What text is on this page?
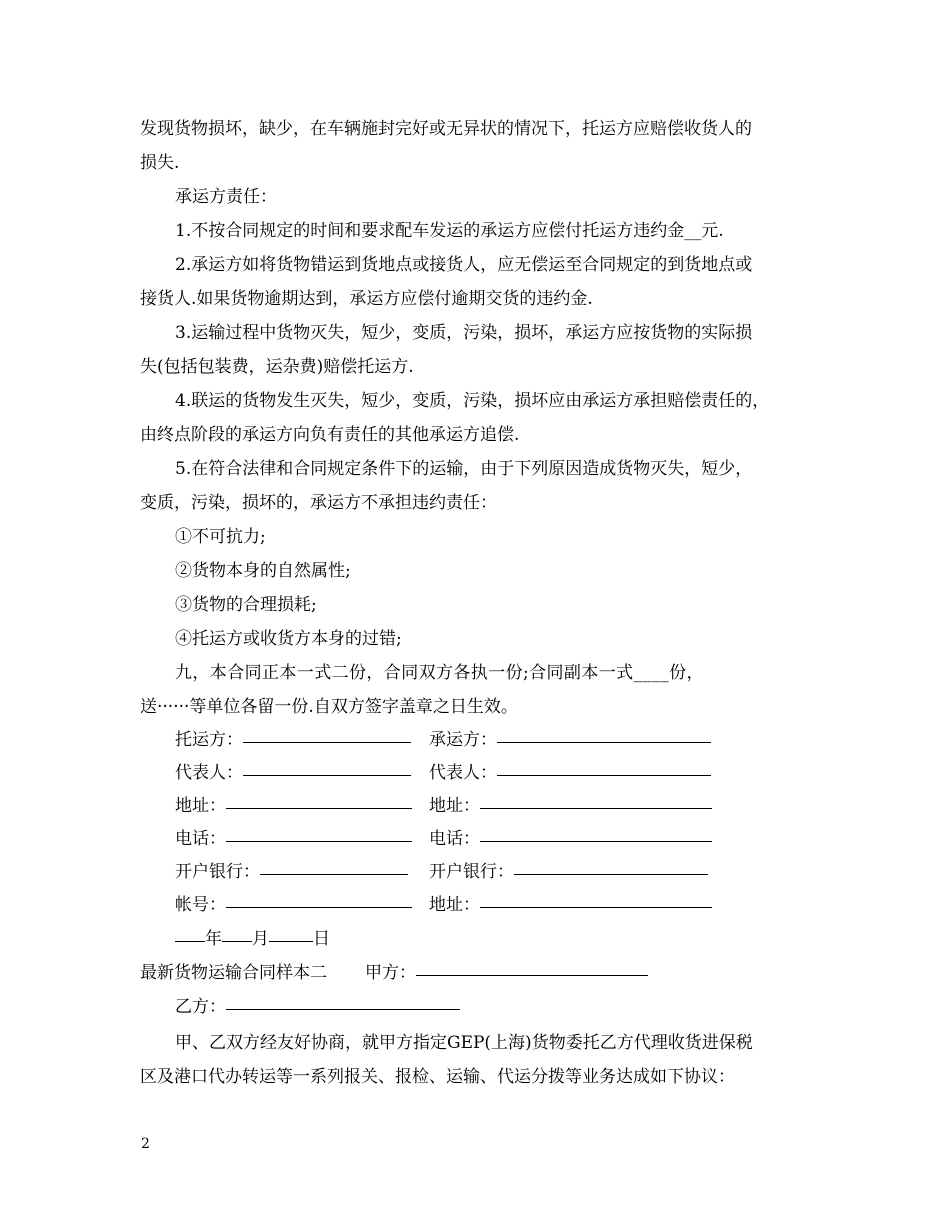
发现货物损坏，缺少，在车辆施封完好或无异状的情况下，托运方应赔偿收货人的
损失.
承运方责任：
1.不按合同规定的时间和要求配车发运的承运方应偿付托运方违约金__元.
2.承运方如将货物错运到货地点或接货人，应无偿运至合同规定的到货地点或
接货人.如果货物逾期达到，承运方应偿付逾期交货的违约金.
3.运输过程中货物灭失，短少，变质，污染，损坏，承运方应按货物的实际损
失(包括包装费，运杂费)赔偿托运方.
4.联运的货物发生灭失，短少，变质，污染，损坏应由承运方承担赔偿责任的，
由终点阶段的承运方向负有责任的其他承运方追偿.
5.在符合法律和合同规定条件下的运输，由于下列原因造成货物灭失，短少，
变质，污染，损坏的，承运方不承担违约责任：
①不可抗力;
②货物本身的自然属性;
③货物的合理损耗;
④托运方或收货方本身的过错;
九，本合同正本一式二份，合同双方各执一份;合同副本一式____份，
送······等单位各留一份.自双方签字盖章之日生效。
托运方：	承运方：
代表人：	代表人：
地址：	地址：
电话：	电话：
开户银行：	开户银行：
帐号：	地址：
年 月	日
最新货物运输合同样本二 甲方：
乙方：
甲、乙双方经友好协商，就甲方指定GEP(上海)货物委托乙方代理收货进保税
区及港口代办转运等一系列报关、报检、运输、代运分拨等业务达成如下协议：
2
